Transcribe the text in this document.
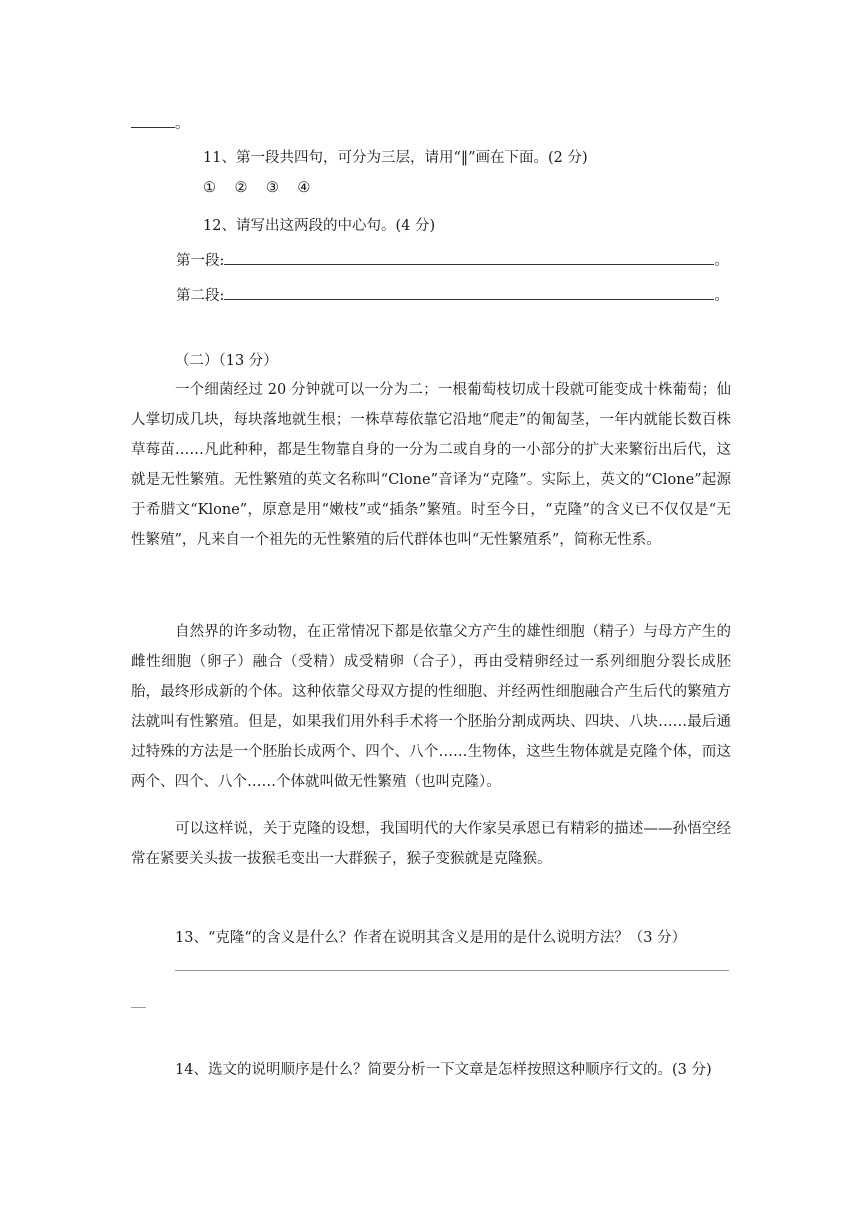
。
11、第一段共四句，可分为三层，请用“‖”画在下面。(2 分)
① ② ③ ④
12、请写出这两段的中心句。(4 分)
第一段:	。
第二段:	。
（二）（13 分）
一个细菌经过 20 分钟就可以一分为二；一根葡萄枝切成十段就可能变成十株葡萄；仙人掌切成几块，每块落地就生根；一株草莓依靠它沿地“爬走”的匍匐茎，一年内就能长数百株草莓苗……凡此种种，都是生物靠自身的一分为二或自身的一小部分的扩大来繁衍出后代，这就是无性繁殖。无性繁殖的英文名称叫“Clone”音译为“克隆”。实际上，英文的“Clone”起源于希腊文“Klone”，原意是用“嫩枝”或“插条”繁殖。时至今日，“克隆”的含义已不仅仅是“无性繁殖”，凡来自一个祖先的无性繁殖的后代群体也叫“无性繁殖系”，简称无性系。
自然界的许多动物，在正常情况下都是依靠父方产生的雄性细胞（精子）与母方产生的雌性细胞（卵子）融合（受精）成受精卵（合子），再由受精卵经过一系列细胞分裂长成胚胎，最终形成新的个体。这种依靠父母双方提的性细胞、并经两性细胞融合产生后代的繁殖方法就叫有性繁殖。但是，如果我们用外科手术将一个胚胎分割成两块、四块、八块……最后通过特殊的方法是一个胚胎长成两个、四个、八个……生物体，这些生物体就是克隆个体，而这两个、四个、八个……个体就叫做无性繁殖（也叫克隆）。
可以这样说，关于克隆的设想，我国明代的大作家吴承恩已有精彩的描述——孙悟空经常在紧要关头拔一拔猴毛变出一大群猴子，猴子变猴就是克隆猴。
13、“克隆“的含义是什么？作者在说明其含义是用的是什么说明方法？（3 分）
14、选文的说明顺序是什么？简要分析一下文章是怎样按照这种顺序行文的。(3 分)
